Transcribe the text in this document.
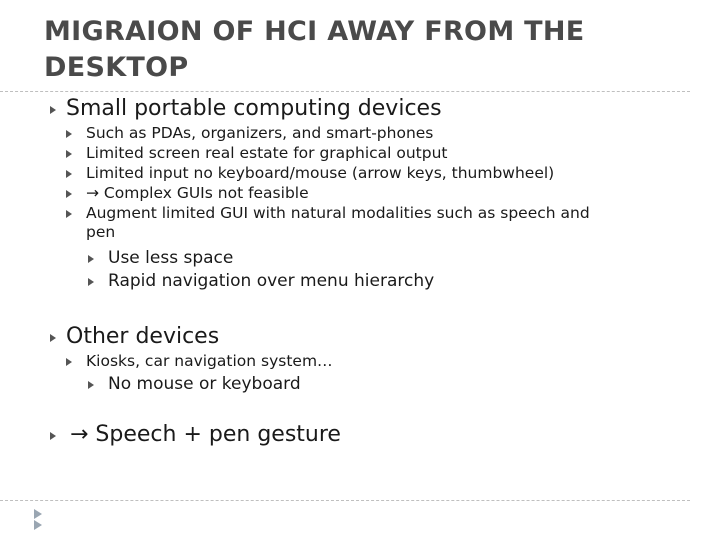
MIGRAION OF HCI AWAY FROM THE DESKTOP
Small portable computing devices
Such as PDAs, organizers, and smart-phones
Limited screen real estate for graphical output
Limited input no keyboard/mouse (arrow keys, thumbwheel)
→ Complex GUIs not feasible
Augment limited GUI with natural modalities such as speech and
pen
Use less space
Rapid navigation over menu hierarchy
Other devices
Kiosks, car navigation system…
No mouse or keyboard
→ Speech + pen gesture
